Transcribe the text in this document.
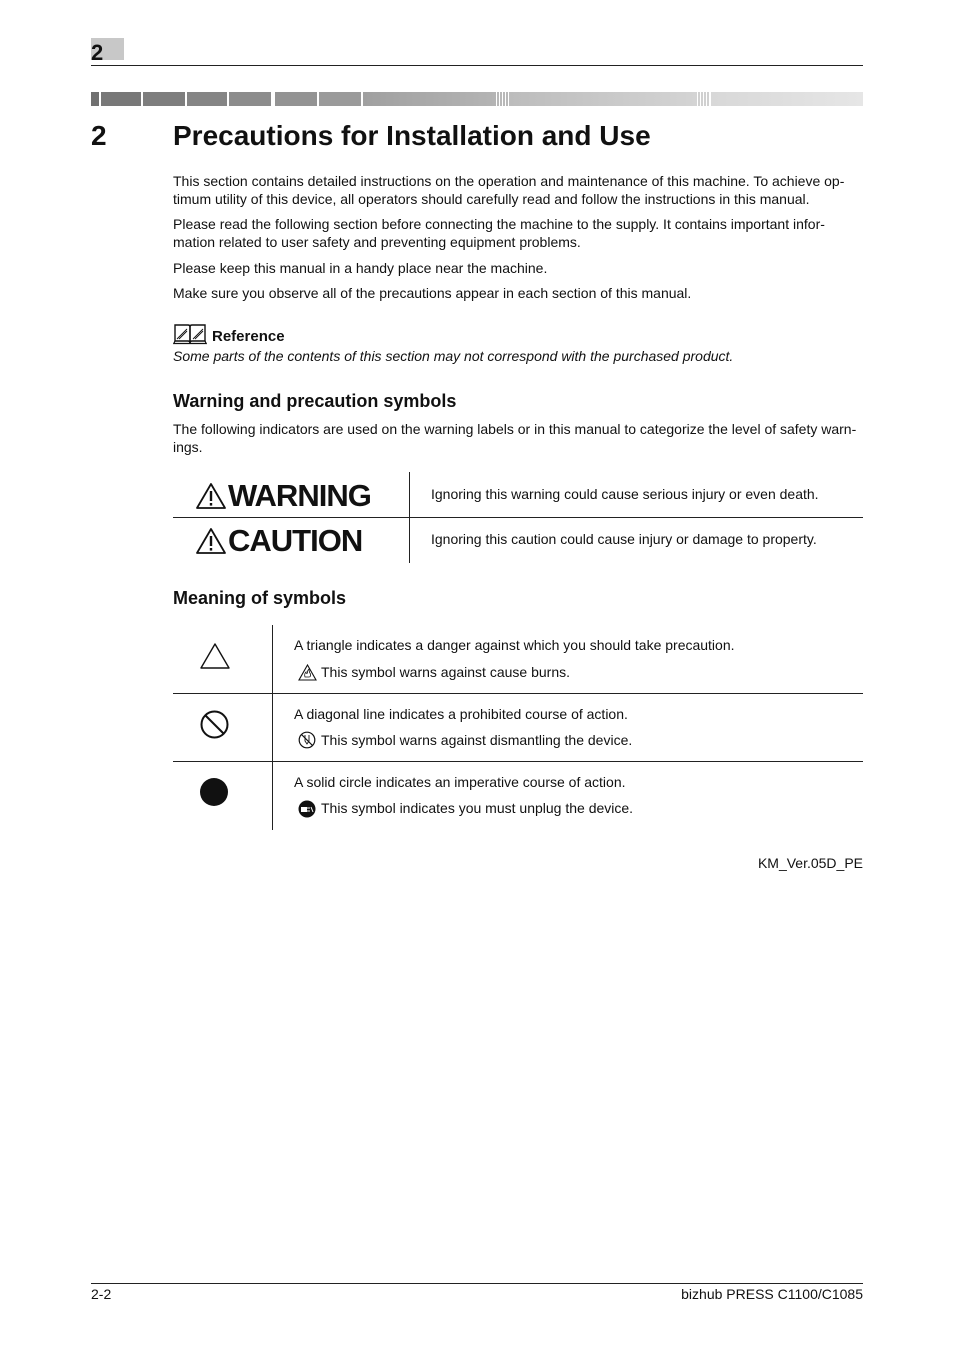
2
2 Precautions for Installation and Use

This section contains detailed instructions on the operation and maintenance of this machine. To achieve op-timum utility of this device, all operators should carefully read and follow the instructions in this manual.

Please read the following section before connecting the machine to the supply. It contains important infor-mation related to user safety and preventing equipment problems.

Please keep this manual in a handy place near the machine.

Make sure you observe all of the precautions appear in each section of this manual.

Reference
Some parts of the contents of this section may not correspond with the purchased product.
Warning and precaution symbols

The following indicators are used on the warning labels or in this manual to categorize the level of safety warn-ings.

WARNING	Ignoring this warning could cause serious injury or even death.
CAUTION	Ignoring this caution could cause injury or damage to property.
Meaning of symbols
A triangle indicates a danger against which you should take precaution.
This symbol warns against cause burns.
A diagonal line indicates a prohibited course of action.
This symbol warns against dismantling the device.
A solid circle indicates an imperative course of action.
This symbol indicates you must unplug the device.
KM_Ver.05D_PE
2-2	bizhub PRESS C1100/C1085
